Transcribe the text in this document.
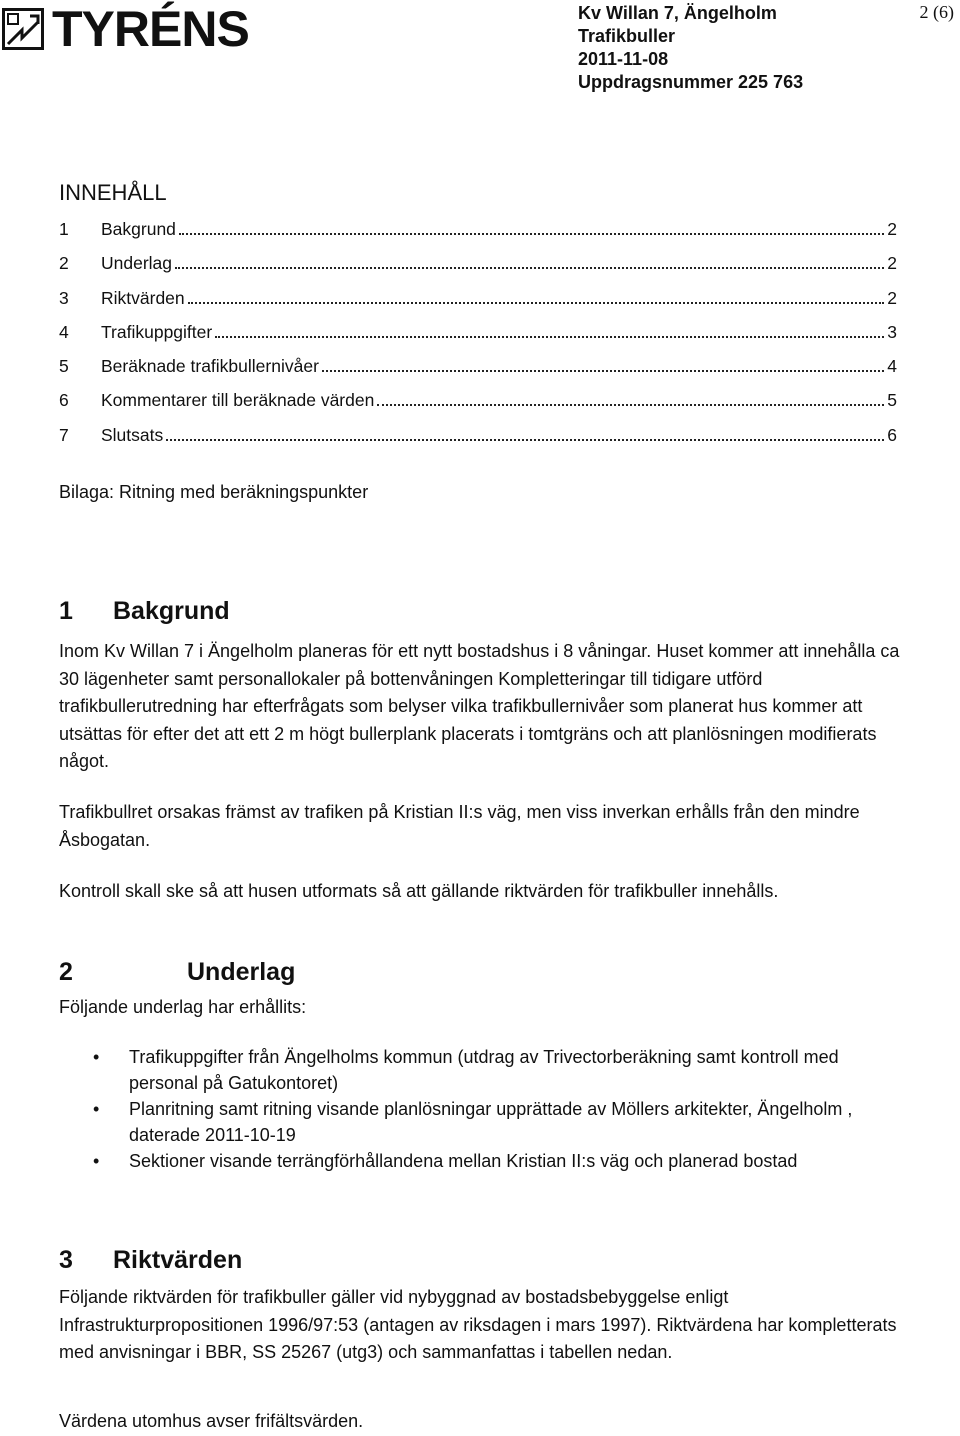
TYRÉNS	Kv Willan 7, Ängelholm
Trafikbuller
2011-11-08
Uppdragsnummer 225 763
2 (6)
INNEHÅLL
1	Bakgrund	2
2	Underlag	2
3	Riktvärden	2
4	Trafikuppgifter	3
5	Beräknade trafikbullernivåer	4
6	Kommentarer till beräknade värden	5
7	Slutsats	6
Bilaga: Ritning med beräkningspunkter
1 Bakgrund

Inom Kv Willan 7 i Ängelholm planeras för ett nytt bostadshus i 8 våningar. Huset kommer att innehålla ca 30 lägenheter samt personallokaler på bottenvåningen Kompletteringar till tidigare utförd trafikbullerutredning har efterfrågats som belyser vilka trafikbullernivåer som planerat hus kommer att utsättas för efter det att ett 2 m högt bullerplank placerats i tomtgräns och att planlösningen modifierats något.

Trafikbullret orsakas främst av trafiken på Kristian II:s väg, men viss inverkan erhålls från den mindre Åsbogatan.

Kontroll skall ske så att husen utformats så att gällande riktvärden för trafikbuller innehålls.

2	Underlag

Följande underlag har erhållits:

• Trafikuppgifter från Ängelholms kommun (utdrag av Trivectorberäkning samt kontroll med personal på Gatukontoret)
• Planritning samt ritning visande planlösningar upprättade av Möllers arkitekter, Ängelholm , daterade 2011-10-19
• Sektioner visande terrängförhållandena mellan Kristian II:s väg och planerad bostad
3 Riktvärden

Följande riktvärden för trafikbuller gäller vid nybyggnad av bostadsbebyggelse enligt Infrastrukturpropositionen 1996/97:53 (antagen av riksdagen i mars 1997). Riktvärdena har kompletterats med anvisningar i BBR, SS 25267 (utg3) och sammanfattas i tabellen nedan.

Värdena utomhus avser frifältsvärden.
